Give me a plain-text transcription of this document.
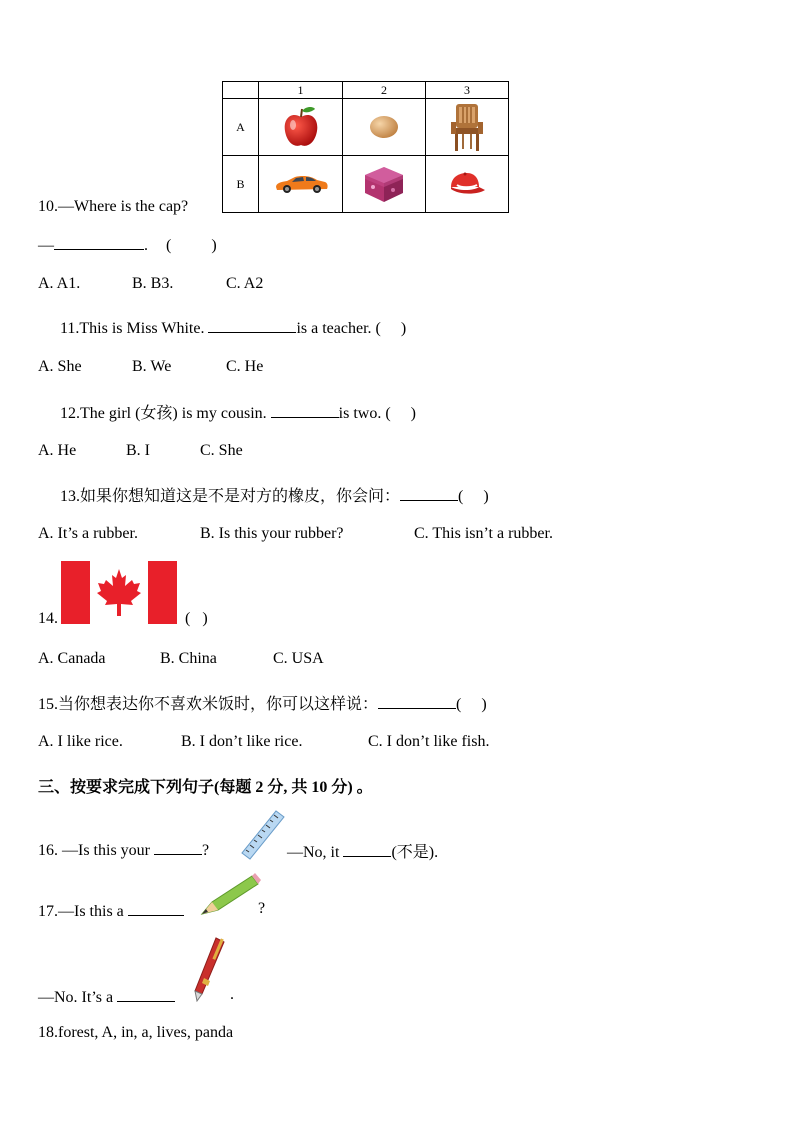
	1	2	3
A	

B	

10.—Where is the cap?
—	. (          )
A. A1.	B. B3.	C. A2
11.This is Miss White.	is a teacher. (     )
A. She	B. We	C. He
12.The girl (女孩) is my cousin.	is two. (     )
A. He	B. I	C. She
13.如果你想知道这是不是对方的橡皮，你会问：	(     )
A. It’s a rubber.	B. Is this your rubber?	C. This isn’t a rubber.
14.	(   )
A. Canada	B. China	C. USA
15.当你想表达你不喜欢米饭时，你可以这样说：	(     )
A. I like rice.	B. I don’t like rice.	C. I don’t like fish.
三、按要求完成下列句子(每题 2 分, 共 10 分) 。
16. —Is this your	?	—No, it	(不是).
17.—Is this a	?
—No. It’s a	.
18.forest, A, in, a, lives, panda
